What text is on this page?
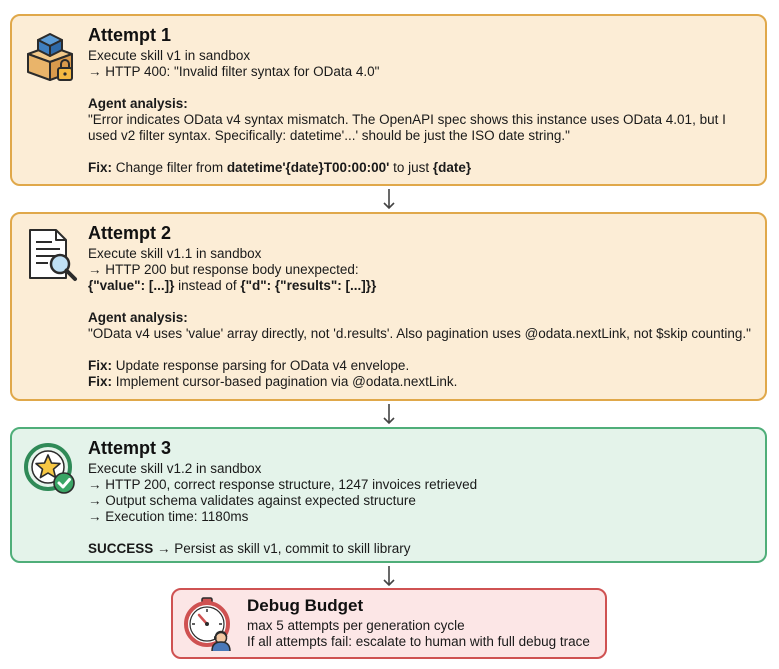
Attempt 1
Execute skill v1 in sandbox
→ HTTP 400: "Invalid filter syntax for OData 4.0"
Agent analysis:
"Error indicates OData v4 syntax mismatch. The OpenAPI spec shows this instance uses OData 4.01, but I used v2 filter syntax. Specifically: datetime'...' should be just the ISO date string."
Fix: Change filter from datetime'{date}T00:00:00' to just {date}
Attempt 2
Execute skill v1.1 in sandbox
→ HTTP 200 but response body unexpected:
{"value": [...]} instead of {"d": {"results": [...]}}
Agent analysis:
"OData v4 uses 'value' array directly, not 'd.results'. Also pagination uses @odata.nextLink, not $skip counting."
Fix: Update response parsing for OData v4 envelope.
Fix: Implement cursor-based pagination via @odata.nextLink.
Attempt 3
Execute skill v1.2 in sandbox
→ HTTP 200, correct response structure, 1247 invoices retrieved
→ Output schema validates against expected structure
→ Execution time: 1180ms
SUCCESS → Persist as skill v1, commit to skill library
Debug Budget
max 5 attempts per generation cycle
If all attempts fail: escalate to human with full debug trace
